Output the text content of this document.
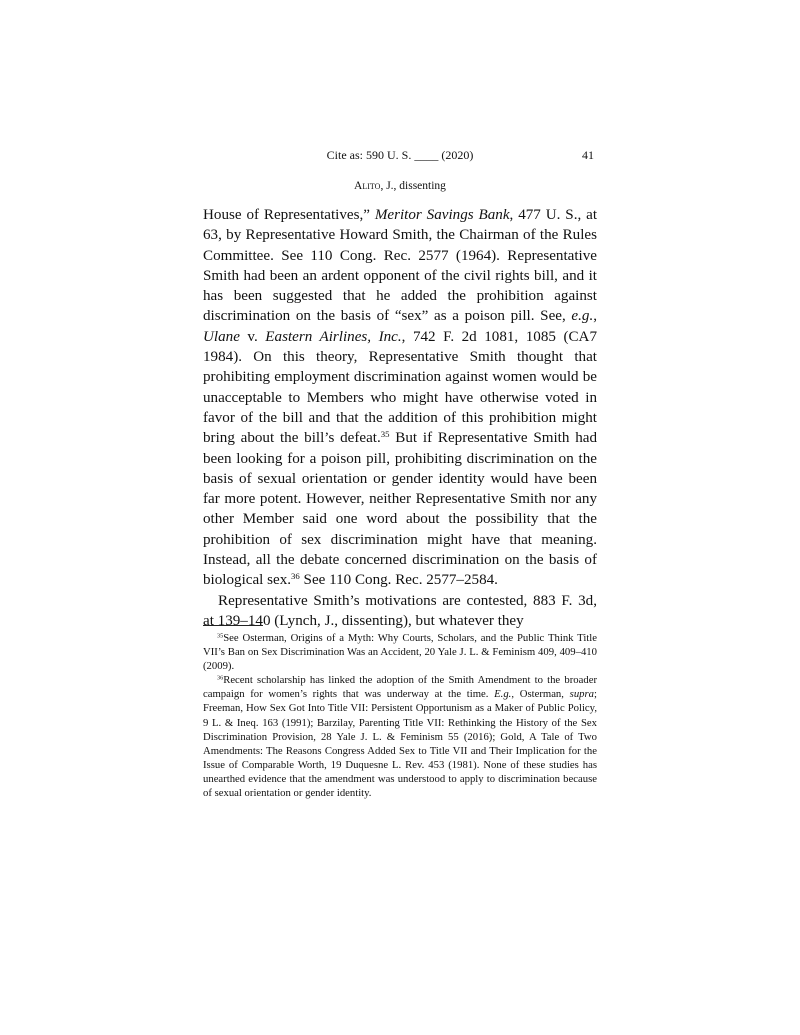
Cite as: 590 U. S. ____ (2020)	41
Alito, J., dissenting

House of Representatives,” Meritor Savings Bank, 477 U. S., at 63, by Representative Howard Smith, the Chairman of the Rules Committee. See 110 Cong. Rec. 2577 (1964). Representative Smith had been an ardent opponent of the civil rights bill, and it has been suggested that he added the prohibition against discrimination on the basis of “sex” as a poison pill. See, e.g., Ulane v. Eastern Airlines, Inc., 742 F. 2d 1081, 1085 (CA7 1984). On this theory, Representative Smith thought that prohibiting employment discrimination against women would be unacceptable to Members who might have otherwise voted in favor of the bill and that the addition of this prohibition might bring about the bill’s defeat.$^{35}$ But if Representative Smith had been looking for a poison pill, prohibiting discrimination on the basis of sexual orientation or gender identity would have been far more potent. However, neither Representative Smith nor any other Member said one word about the possibility that the prohibition of sex discrimination might have that meaning. Instead, all the debate concerned discrimination on the basis of biological sex.$^{36}$ See 110 Cong. Rec. 2577–2584.

Representative Smith’s motivations are contested, 883 F. 3d, at 139–140 (Lynch, J., dissenting), but whatever they

$^{35}$See Osterman, Origins of a Myth: Why Courts, Scholars, and the Public Think Title VII’s Ban on Sex Discrimination Was an Accident, 20 Yale J. L. & Feminism 409, 409–410 (2009).

$^{36}$Recent scholarship has linked the adoption of the Smith Amendment to the broader campaign for women’s rights that was underway at the time. E.g., Osterman, supra; Freeman, How Sex Got Into Title VII: Persistent Opportunism as a Maker of Public Policy, 9 L. & Ineq. 163 (1991); Barzilay, Parenting Title VII: Rethinking the History of the Sex Discrimination Provision, 28 Yale J. L. & Feminism 55 (2016); Gold, A Tale of Two Amendments: The Reasons Congress Added Sex to Title VII and Their Implication for the Issue of Comparable Worth, 19 Duquesne L. Rev. 453 (1981). None of these studies has unearthed evidence that the amendment was understood to apply to discrimination because of sexual orientation or gender identity.
